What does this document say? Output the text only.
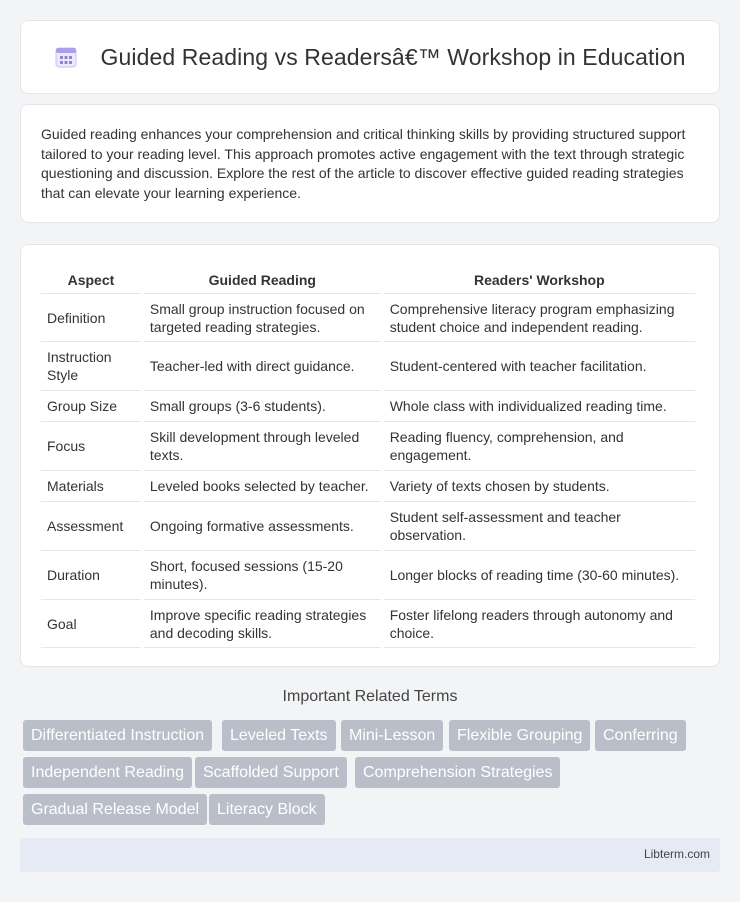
Guided Reading vs Readersâ€™ Workshop in Education

Guided reading enhances your comprehension and critical thinking skills by providing structured support tailored to your reading level. This approach promotes active engagement with the text through strategic questioning and discussion. Explore the rest of the article to discover effective guided reading strategies that can elevate your learning experience.

Aspect	Guided Reading	Readers' Workshop
Definition	Small group instruction focused on targeted reading strategies.	Comprehensive literacy program emphasizing student choice and independent reading.
Instruction Style	Teacher-led with direct guidance.	Student-centered with teacher facilitation.
Group Size	Small groups (3-6 students).	Whole class with individualized reading time.
Focus	Skill development through leveled texts.	Reading fluency, comprehension, and engagement.
Materials	Leveled books selected by teacher.	Variety of texts chosen by students.
Assessment	Ongoing formative assessments.	Student self-assessment and teacher observation.
Duration	Short, focused sessions (15-20 minutes).	Longer blocks of reading time (30-60 minutes).
Goal	Improve specific reading strategies and decoding skills.	Foster lifelong readers through autonomy and choice.
Important Related Terms
Differentiated Instruction	Leveled Texts	Mini-Lesson	Flexible Grouping	Conferring
Independent Reading	Scaffolded Support	Comprehension Strategies
Gradual Release Model	Literacy Block
Libterm.com
